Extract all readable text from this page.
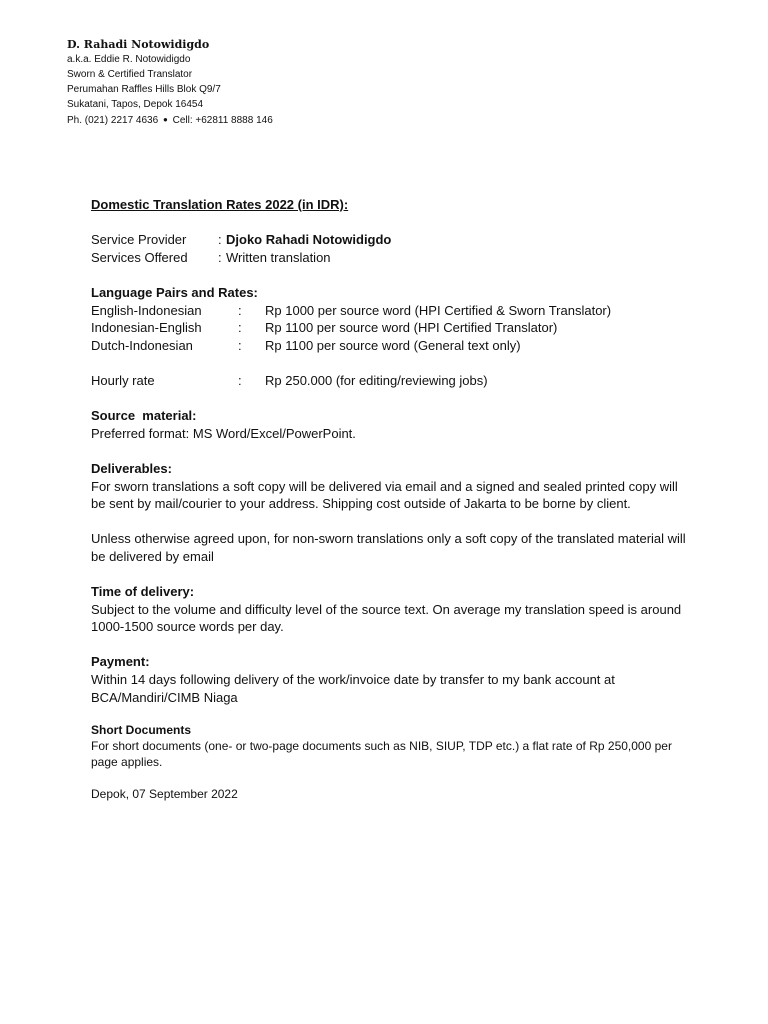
D. Rahadi Notowidigdo
a.k.a. Eddie R. Notowidigdo
Sworn & Certified Translator
Perumahan Raffles Hills Blok Q9/7
Sukatani, Tapos, Depok 16454
Ph. (021) 2217 4636 ● Cell: +62811 8888 146
Domestic Translation Rates 2022 (in IDR):
Service Provider : Djoko Rahadi Notowidigdo
Services Offered : Written translation
Language Pairs and Rates:
English-Indonesian	: Rp 1000 per source word (HPI Certified & Sworn Translator)
Indonesian-English	: Rp 1100 per source word (HPI Certified Translator)
Dutch-Indonesian	: Rp 1100 per source word (General text only)
Hourly rate	: Rp 250.000 (for editing/reviewing jobs)
Source  material:
Preferred format: MS Word/Excel/PowerPoint.
Deliverables:

For sworn translations a soft copy will be delivered via email and a signed and sealed printed copy will be sent by mail/courier to your address. Shipping cost outside of Jakarta to be borne by client.

Unless otherwise agreed upon, for non-sworn translations only a soft copy of the translated material will be delivered by email

Time of delivery:

Subject to the volume and difficulty level of the source text. On average my translation speed is around 1000-1500 source words per day.

Payment:

Within 14 days following delivery of the work/invoice date by transfer to my bank account at BCA/Mandiri/CIMB Niaga

Short Documents

For short documents (one- or two-page documents such as NIB, SIUP, TDP etc.) a flat rate of Rp 250,000 per page applies.

Depok, 07 September 2022
